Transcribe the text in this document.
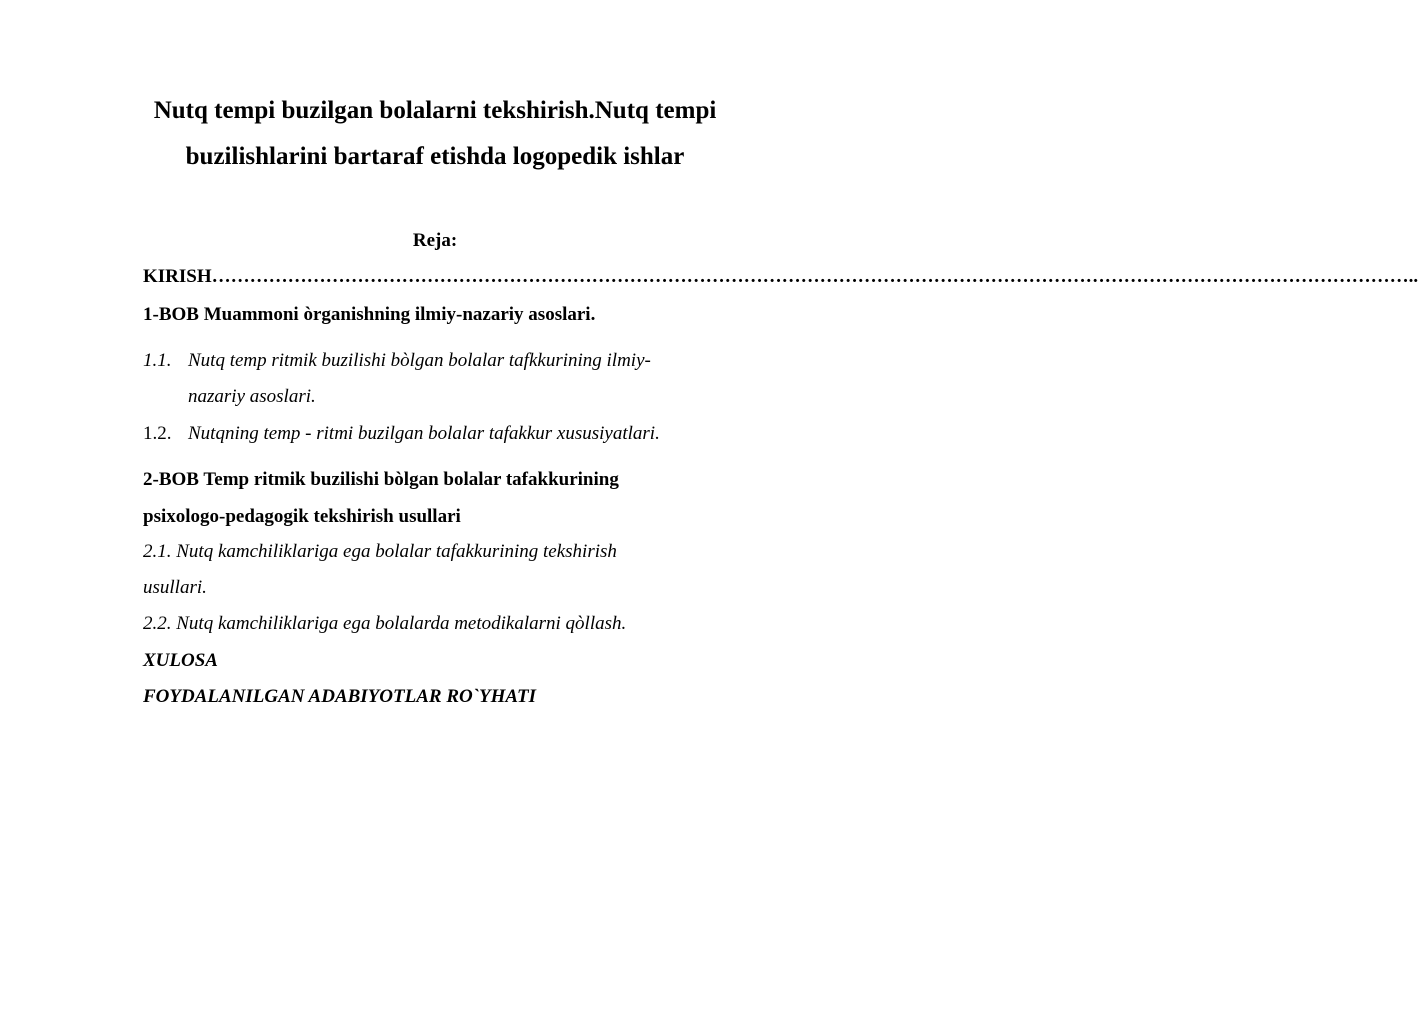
Nutq tempi buzilgan bolalarni tekshirish.Nutq tempi buzilishlarini bartaraf etishda logopedik ishlar

Reja:

KIRISH………………………………………………………………………………………………………………………………………………………………………..

1-BOB Muammoni òrganishning ilmiy-nazariy asoslari.

1.1. Nutq temp ritmik buzilishi bòlgan bolalar tafkkurining ilmiy-

nazariy asoslari.

1.2. Nutqning temp - ritmi buzilgan bolalar tafakkur xususiyatlari.

2-BOB Temp ritmik buzilishi bòlgan bolalar tafakkurining

psixologo-pedagogik tekshirish usullari

2.1. Nutq kamchiliklariga ega bolalar tafakkurining tekshirish

usullari.

2.2. Nutq kamchiliklariga ega bolalarda metodikalarni qòllash.

XULOSA

FOYDALANILGAN ADABIYOTLAR RO`YHATI
